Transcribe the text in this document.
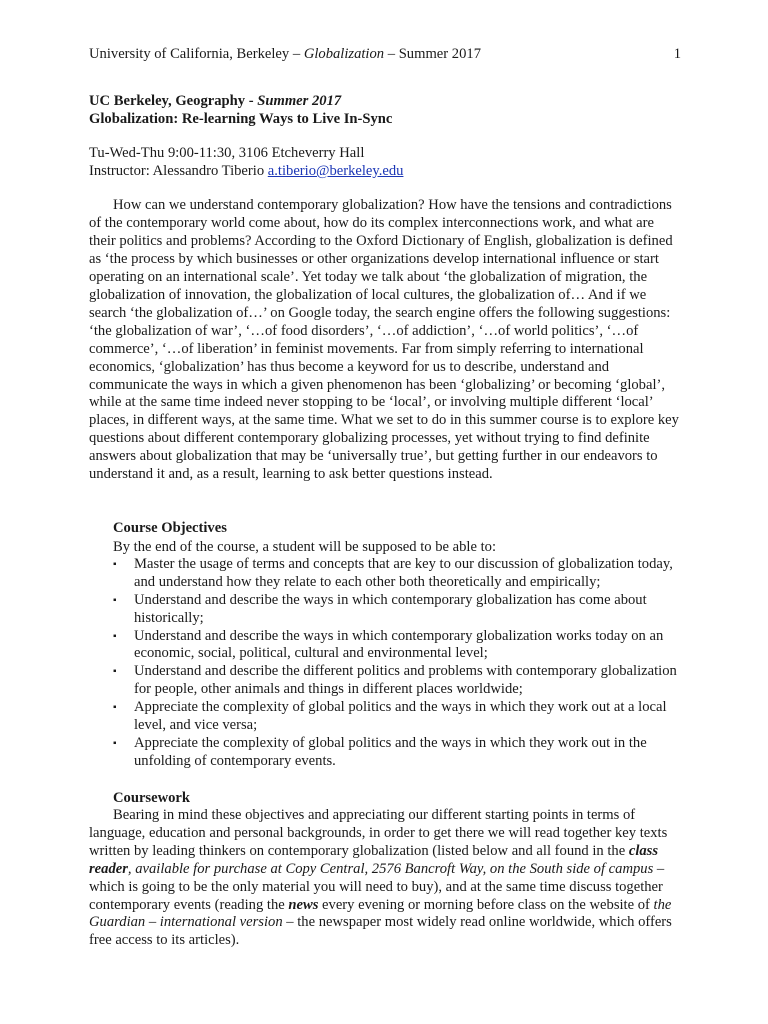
University of California, Berkeley – Globalization – Summer 2017	1
UC Berkeley, Geography - Summer 2017
Globalization: Re-learning Ways to Live In-Sync
Tu-Wed-Thu 9:00-11:30, 3106 Etcheverry Hall
Instructor: Alessandro Tiberio a.tiberio@berkeley.edu

How can we understand contemporary globalization? How have the tensions and contradictions of the contemporary world come about, how do its complex interconnections work, and what are their politics and problems? According to the Oxford Dictionary of English, globalization is defined as ‘the process by which businesses or other organizations develop international influence or start operating on an international scale’. Yet today we talk about ‘the globalization of migration, the globalization of innovation, the globalization of local cultures, the globalization of… And if we search ‘the globalization of…’ on Google today, the search engine offers the following suggestions: ‘the globalization of war’, ‘…of food disorders’, ‘…of addiction’, ‘…of world politics’, ‘…of commerce’, ‘…of liberation’ in feminist movements. Far from simply referring to international economics, ‘globalization’ has thus become a keyword for us to describe, understand and communicate the ways in which a given phenomenon has been ‘globalizing’ or becoming ‘global’, while at the same time indeed never stopping to be ‘local’, or involving multiple different ‘local’ places, in different ways, at the same time. What we set to do in this summer course is to explore key questions about different contemporary globalizing processes, yet without trying to find definite answers about globalization that may be ‘universally true’, but getting further in our endeavors to understand it and, as a result, learning to ask better questions instead.

Course Objectives

By the end of the course, a student will be supposed to be able to:

▪ Master the usage of terms and concepts that are key to our discussion of globalization today, and understand how they relate to each other both theoretically and empirically;
▪ Understand and describe the ways in which contemporary globalization has come about historically;
▪ Understand and describe the ways in which contemporary globalization works today on an economic, social, political, cultural and environmental level;
▪ Understand and describe the different politics and problems with contemporary globalization for people, other animals and things in different places worldwide;
▪ Appreciate the complexity of global politics and the ways in which they work out at a local level, and vice versa;
▪ Appreciate the complexity of global politics and the ways in which they work out in the unfolding of contemporary events.
Coursework

Bearing in mind these objectives and appreciating our different starting points in terms of language, education and personal backgrounds, in order to get there we will read together key texts written by leading thinkers on contemporary globalization (listed below and all found in the class reader, available for purchase at Copy Central, 2576 Bancroft Way, on the South side of campus – which is going to be the only material you will need to buy), and at the same time discuss together contemporary events (reading the news every evening or morning before class on the website of the Guardian – international version – the newspaper most widely read online worldwide, which offers free access to its articles).
